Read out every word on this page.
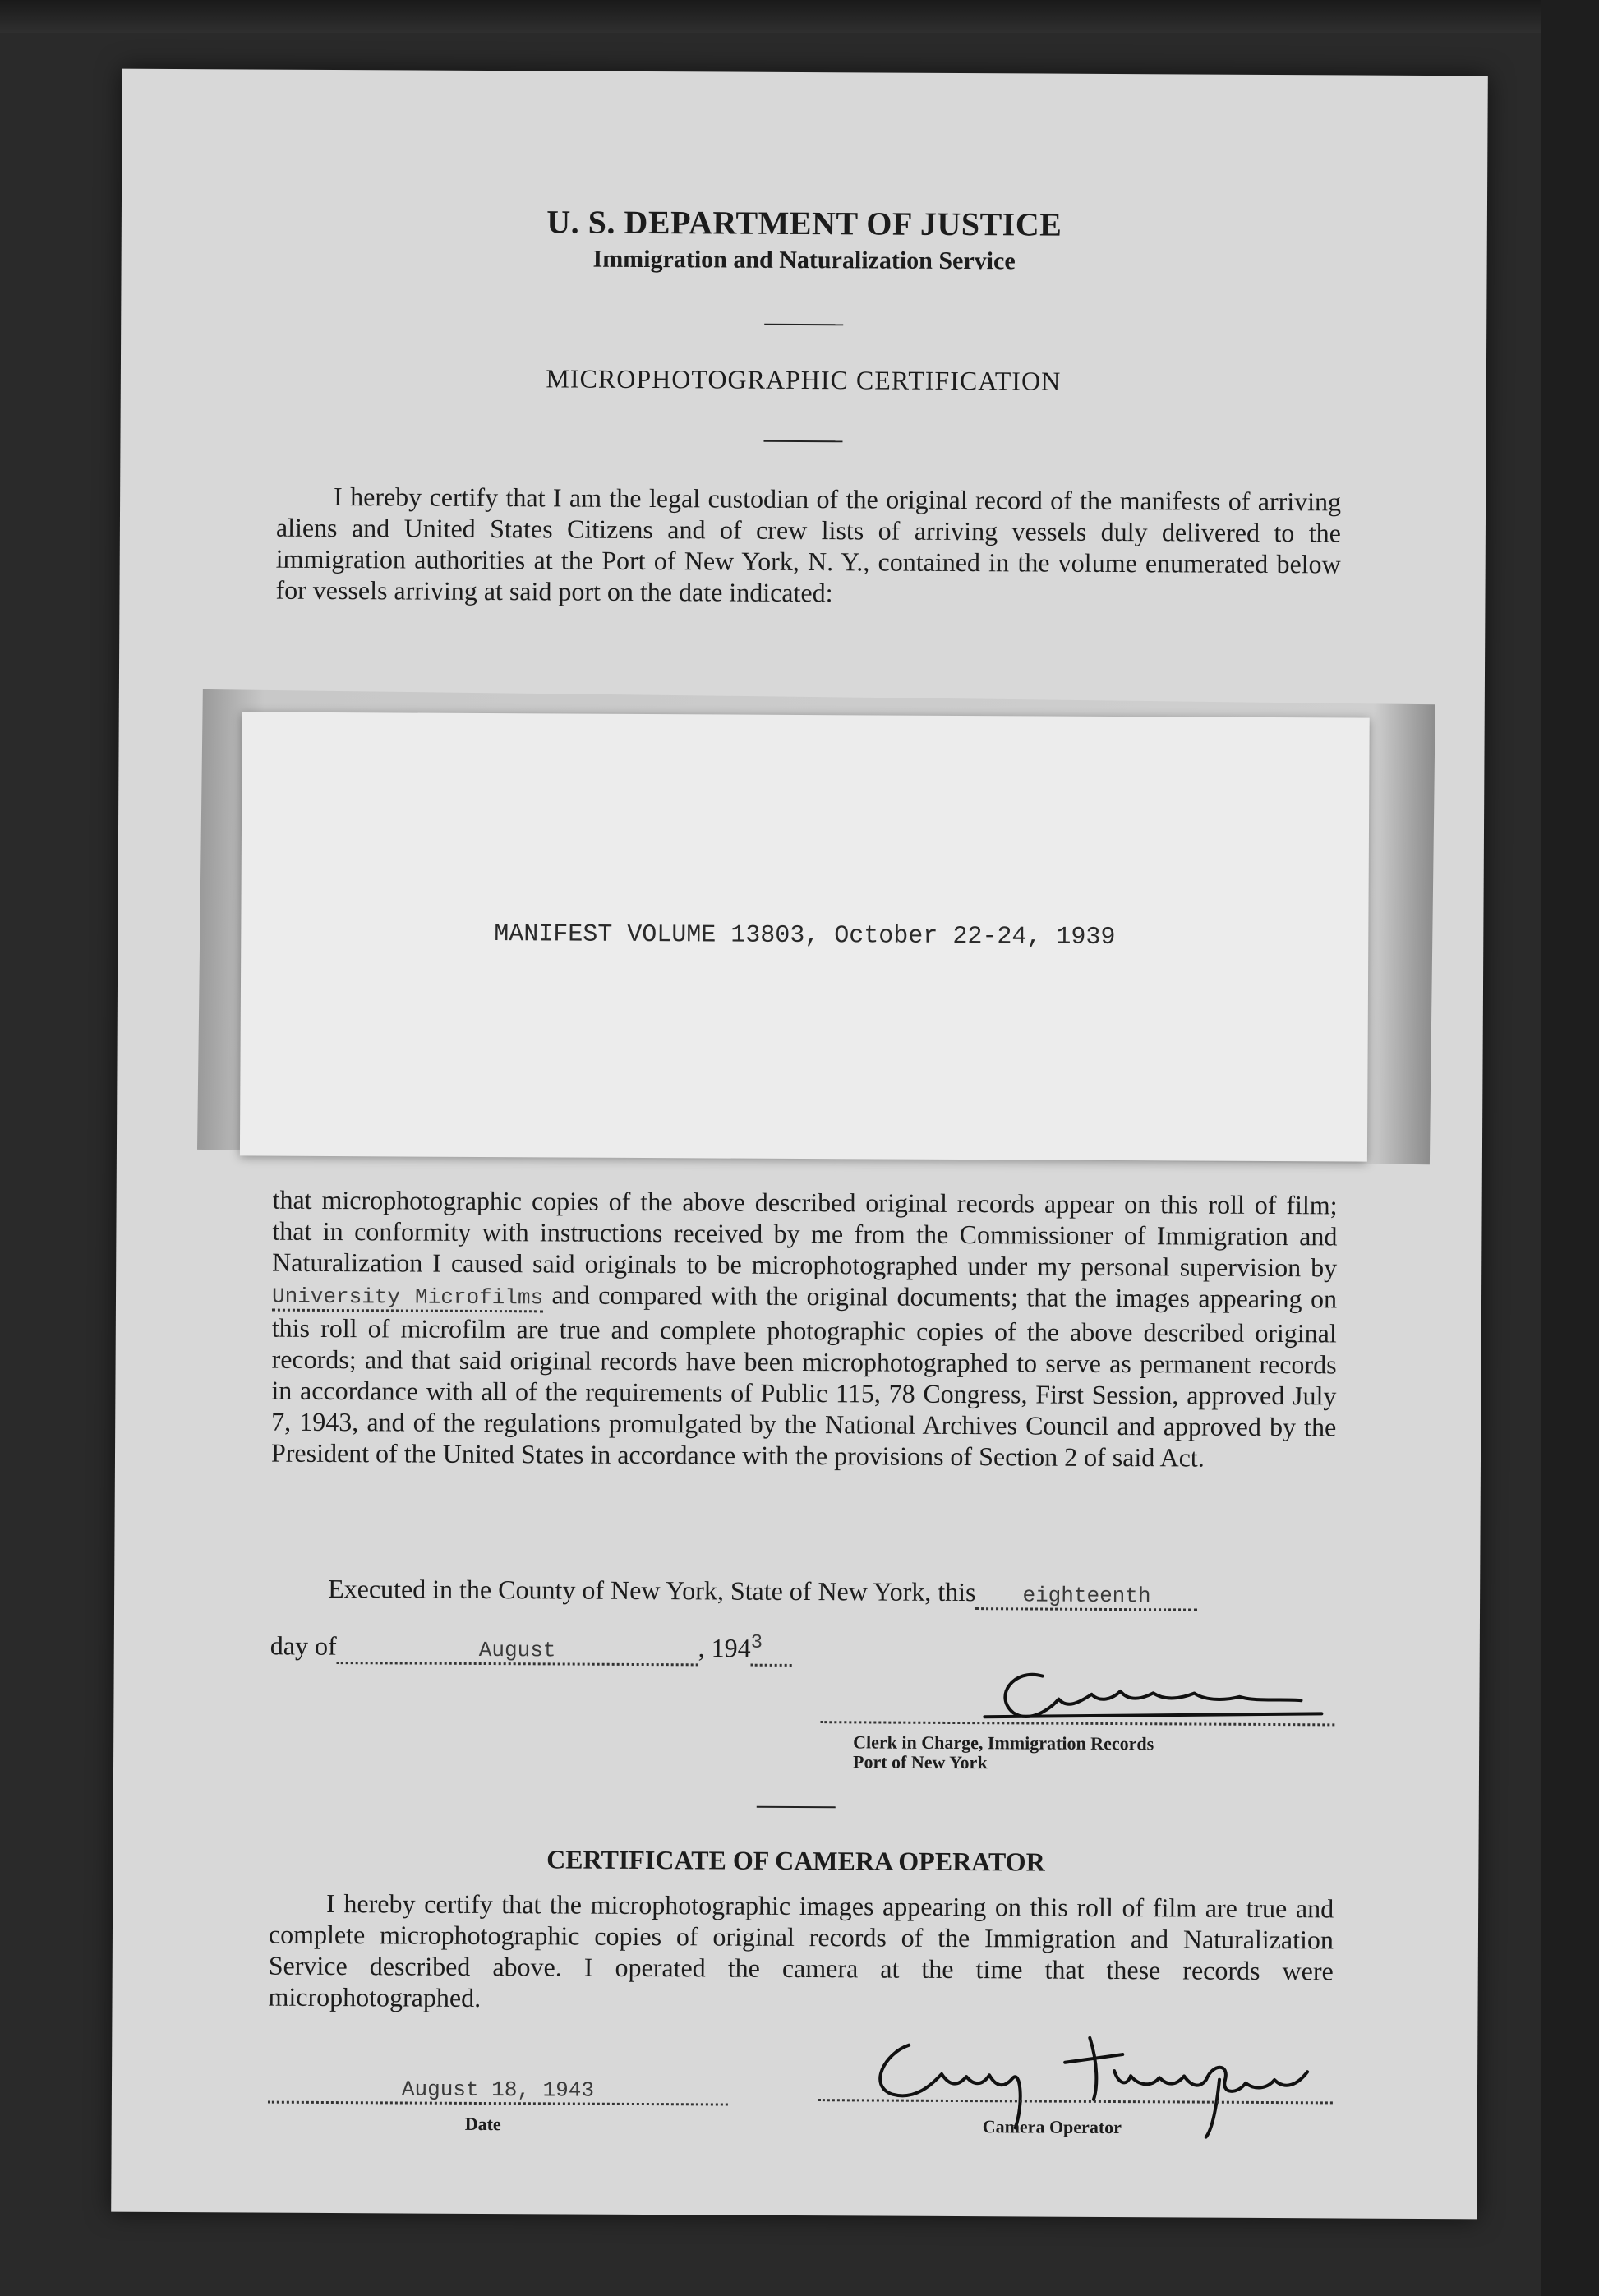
U. S. DEPARTMENT OF JUSTICE
Immigration and Naturalization Service
MICROPHOTOGRAPHIC CERTIFICATION
I hereby certify that I am the legal custodian of the original record of the manifests of arriving aliens and United States Citizens and of crew lists of arriving vessels duly delivered to the immigration authorities at the Port of New York, N. Y., contained in the volume enumerated below for vessels arriving at said port on the date indicated:
MANIFEST VOLUME 13803, October 22-24, 1939
that microphotographic copies of the above described original records appear on this roll of film; that in conformity with instructions received by me from the Commissioner of Immigration and Naturalization I caused said originals to be microphotographed under my personal supervision by University Microfilms and compared with the original documents; that the images appearing on this roll of microfilm are true and complete photographic copies of the above described original records; and that said original records have been microphotographed to serve as permanent records in accordance with all of the requirements of Public 115, 78 Congress, First Session, approved July 7, 1943, and of the regulations promulgated by the National Archives Council and approved by the President of the United States in accordance with the provisions of Section 2 of said Act.
Executed in the County of New York, State of New York, this eighteenth
day of	August	, $194^3$
Clerk in Charge, Immigration Records
Port of New York
CERTIFICATE OF CAMERA OPERATOR
I hereby certify that the microphotographic images appearing on this roll of film are true and complete microphotographic copies of original records of the Immigration and Naturalization Service described above. I operated the camera at the time that these records were microphotographed.
August 18, 1943
Date	Camera Operator
